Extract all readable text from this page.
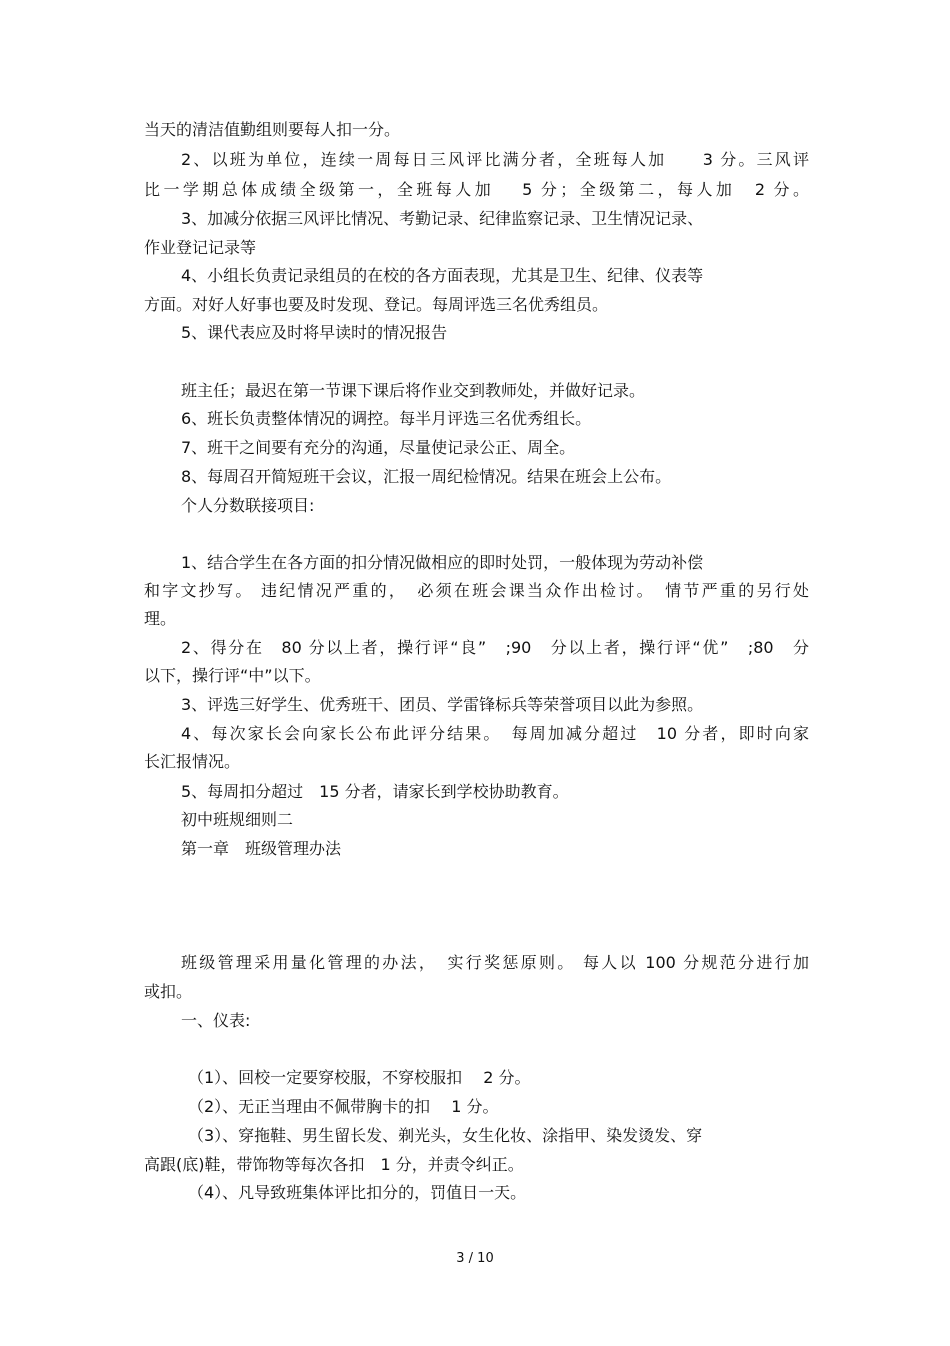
当天的清洁值勤组则要每人扣一分。
2、以班为单位，连续一周每日三风评比满分者，全班每人加　　3 分。三风评
比一学期总体成绩全级第一，全班每人加　 5 分；全级第二，每人加　2 分。
3、加减分依据三风评比情况、考勤记录、纪律监察记录、卫生情况记录、
作业登记记录等
4、小组长负责记录组员的在校的各方面表现，尤其是卫生、纪律、仪表等
方面。对好人好事也要及时发现、登记。每周评选三名优秀组员。
5、课代表应及时将早读时的情况报告
班主任；最迟在第一节课下课后将作业交到教师处，并做好记录。
6、班长负责整体情况的调控。每半月评选三名优秀组长。
7、班干之间要有充分的沟通，尽量使记录公正、周全。
8、每周召开简短班干会议，汇报一周纪检情况。结果在班会上公布。
个人分数联接项目:
1、结合学生在各方面的扣分情况做相应的即时处罚，一般体现为劳动补偿
和字文抄写。 违纪情况严重的，　必须在班会课当众作出检讨。　情节严重的另行处
理。
2、得分在　80 分以上者，操行评“良”　;90　分以上者，操行评“优”　;80　分
以下，操行评“中”以下。
3、评选三好学生、优秀班干、团员、学雷锋标兵等荣誉项目以此为参照。
4、每次家长会向家长公布此评分结果。　每周加减分超过　10 分者，即时向家
长汇报情况。
5、每周扣分超过　15 分者，请家长到学校协助教育。
初中班规细则二
第一章　班级管理办法
班级管理采用量化管理的办法，　实行奖惩原则。 每人以 100 分规范分进行加
或扣。
一、仪表:
（1）、回校一定要穿校服，不穿校服扣　 2 分。
（2）、无正当理由不佩带胸卡的扣　 1 分。
（3）、穿拖鞋、男生留长发、剃光头，女生化妆、涂指甲、染发烫发、穿
高跟(底)鞋，带饰物等每次各扣　1 分，并责令纠正。
（4）、凡导致班集体评比扣分的，罚值日一天。
3 / 10
